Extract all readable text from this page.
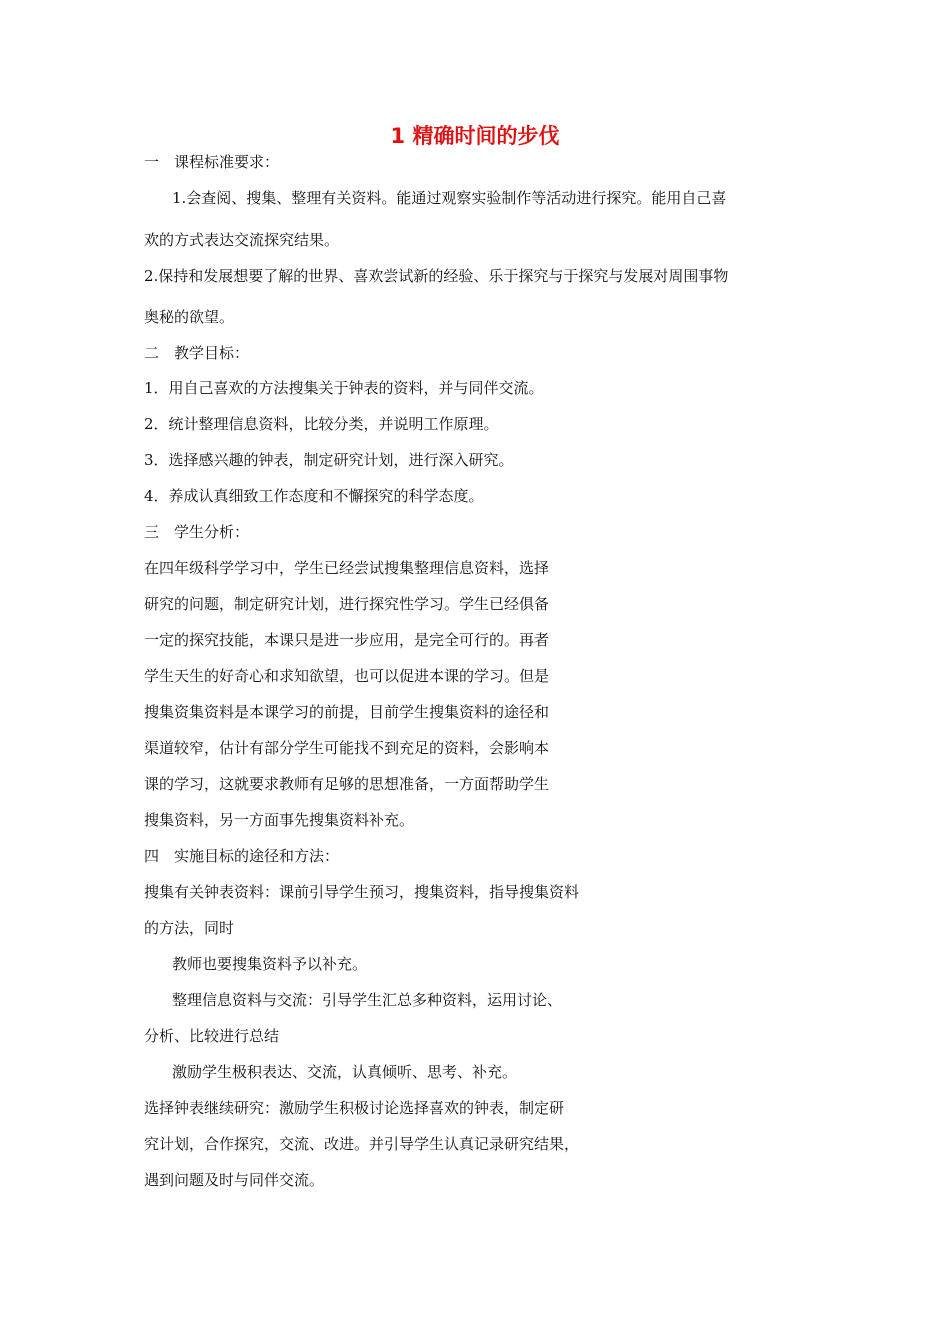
1 精确时间的步伐
一　课程标准要求：
1.会查阅、搜集、整理有关资料。能通过观察实验制作等活动进行探究。能用自己喜
欢的方式表达交流探究结果。
2.保持和发展想要了解的世界、喜欢尝试新的经验、乐于探究与于探究与发展对周围事物
奥秘的欲望。
二　教学目标：
1．用自己喜欢的方法搜集关于钟表的资料，并与同伴交流。
2．统计整理信息资料，比较分类，并说明工作原理。
3．选择感兴趣的钟表，制定研究计划，进行深入研究。
4．养成认真细致工作态度和不懈探究的科学态度。
三　学生分析：
在四年级科学学习中，学生已经尝试搜集整理信息资料，选择
研究的问题，制定研究计划，进行探究性学习。学生已经俱备
一定的探究技能，本课只是进一步应用，是完全可行的。再者
学生天生的好奇心和求知欲望，也可以促进本课的学习。但是
搜集资集资料是本课学习的前提，目前学生搜集资料的途径和
渠道较窄，估计有部分学生可能找不到充足的资料，会影响本
课的学习，这就要求教师有足够的思想准备，一方面帮助学生
搜集资料，另一方面事先搜集资料补充。
四　实施目标的途径和方法：
搜集有关钟表资料：课前引导学生预习，搜集资料，指导搜集资料
的方法，同时
教师也要搜集资料予以补充。
整理信息资料与交流：引导学生汇总多种资料，运用讨论、
分析、比较进行总结
激励学生极积表达、交流，认真倾听、思考、补充。
选择钟表继续研究：激励学生积极讨论选择喜欢的钟表，制定研
究计划，合作探究，交流、改进。并引导学生认真记录研究结果，
遇到问题及时与同伴交流。
